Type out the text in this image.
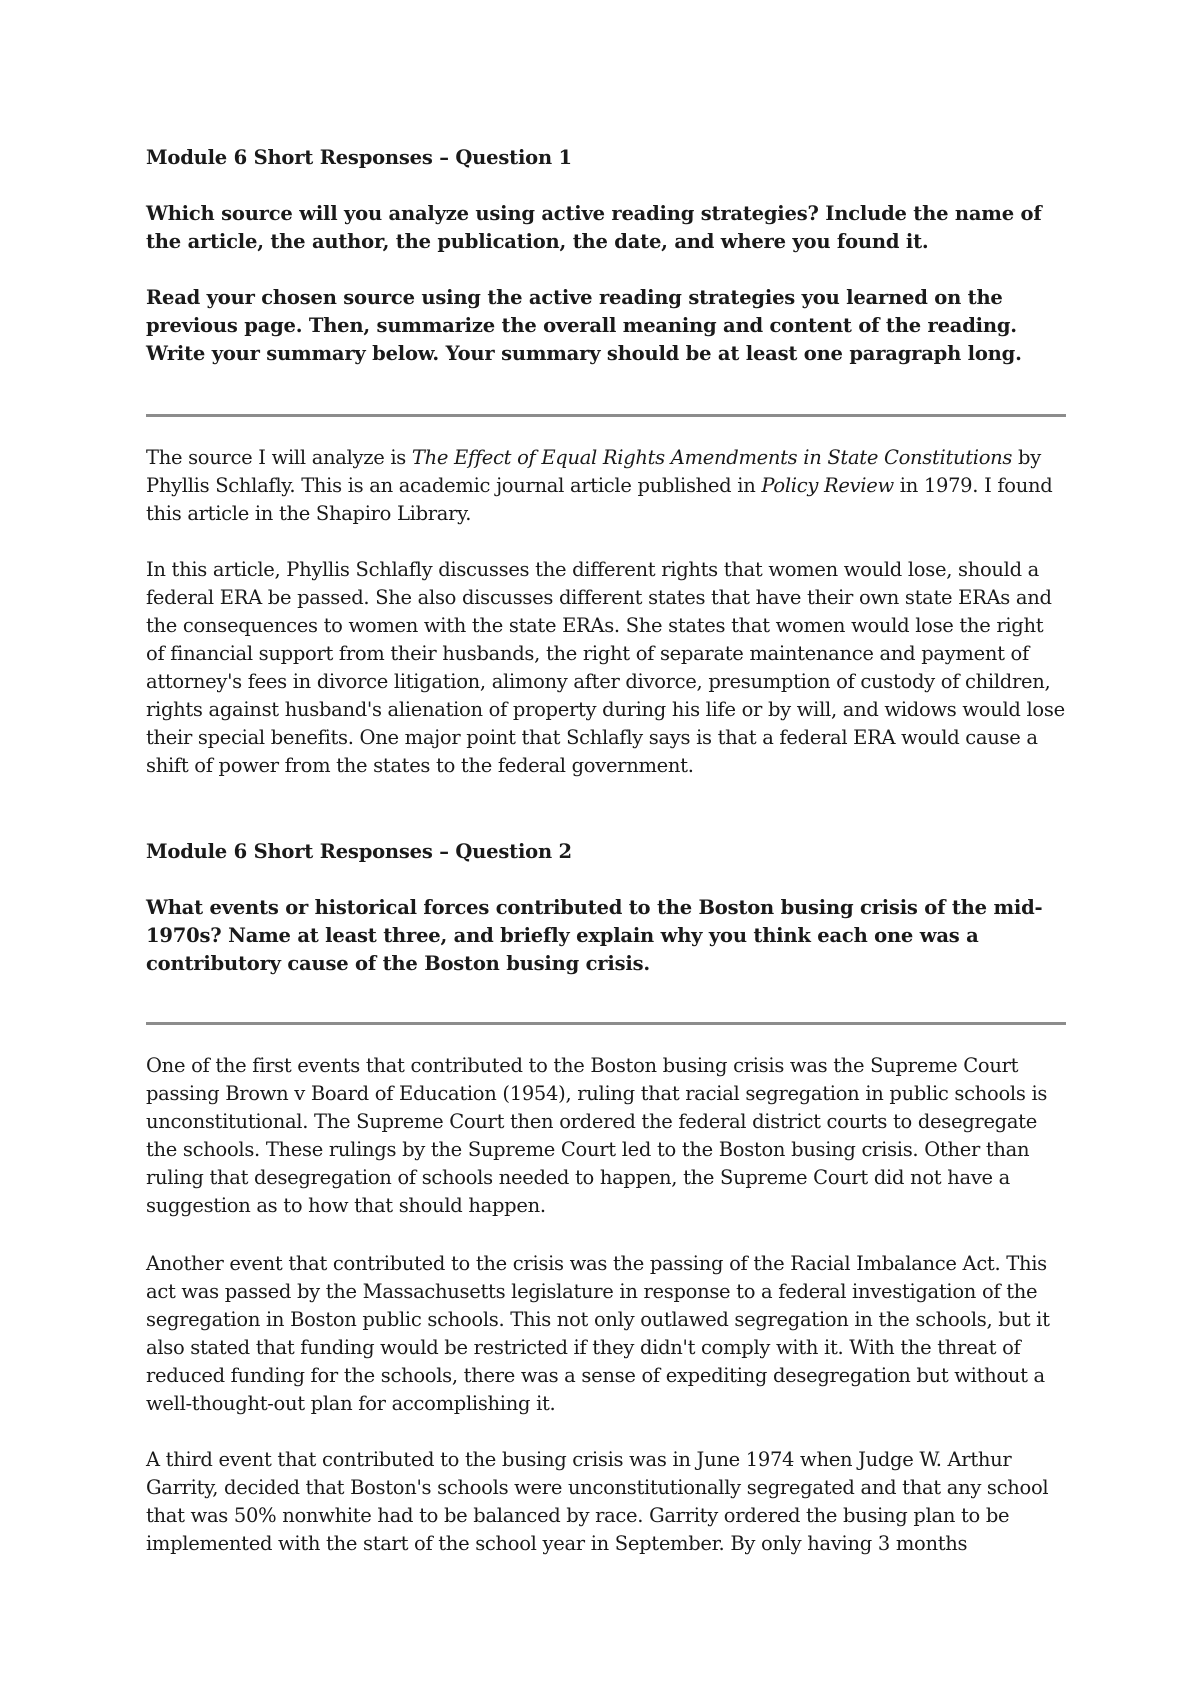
Module 6 Short Responses – Question 1

Which source will you analyze using active reading strategies? Include the name of the article, the author, the publication, the date, and where you found it.

Read your chosen source using the active reading strategies you learned on the previous page. Then, summarize the overall meaning and content of the reading. Write your summary below. Your summary should be at least one paragraph long.

The source I will analyze is The Effect of Equal Rights Amendments in State Constitutions by Phyllis Schlafly. This is an academic journal article published in Policy Review in 1979. I found this article in the Shapiro Library.

In this article, Phyllis Schlafly discusses the different rights that women would lose, should a federal ERA be passed. She also discusses different states that have their own state ERAs and the consequences to women with the state ERAs. She states that women would lose the right of financial support from their husbands, the right of separate maintenance and payment of attorney's fees in divorce litigation, alimony after divorce, presumption of custody of children, rights against husband's alienation of property during his life or by will, and widows would lose their special benefits. One major point that Schlafly says is that a federal ERA would cause a shift of power from the states to the federal government.

Module 6 Short Responses – Question 2

What events or historical forces contributed to the Boston busing crisis of the mid-1970s? Name at least three, and briefly explain why you think each one was a contributory cause of the Boston busing crisis.

One of the first events that contributed to the Boston busing crisis was the Supreme Court passing Brown v Board of Education (1954), ruling that racial segregation in public schools is unconstitutional. The Supreme Court then ordered the federal district courts to desegregate the schools. These rulings by the Supreme Court led to the Boston busing crisis. Other than ruling that desegregation of schools needed to happen, the Supreme Court did not have a suggestion as to how that should happen.

Another event that contributed to the crisis was the passing of the Racial Imbalance Act. This act was passed by the Massachusetts legislature in response to a federal investigation of the segregation in Boston public schools. This not only outlawed segregation in the schools, but it also stated that funding would be restricted if they didn't comply with it. With the threat of reduced funding for the schools, there was a sense of expediting desegregation but without a well-thought-out plan for accomplishing it.

A third event that contributed to the busing crisis was in June 1974 when Judge W. Arthur Garrity, decided that Boston's schools were unconstitutionally segregated and that any school that was 50% nonwhite had to be balanced by race. Garrity ordered the busing plan to be implemented with the start of the school year in September. By only having 3 months
